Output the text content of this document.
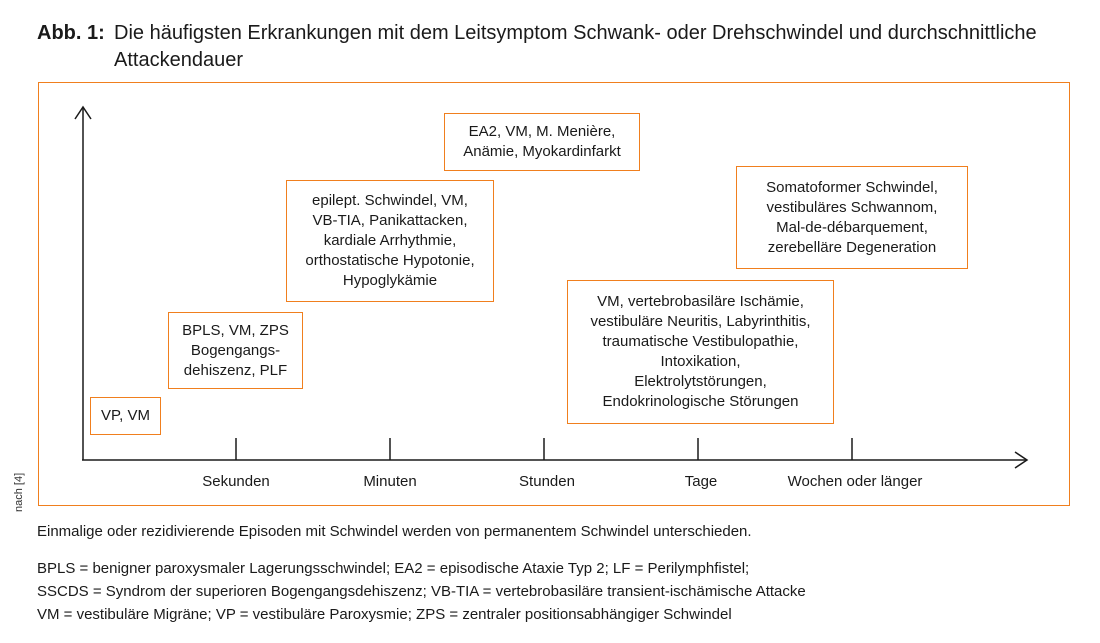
Abb. 1: Die häufigsten Erkrankungen mit dem Leitsymptom Schwank- oder Drehschwindel und durchschnittliche Attackendauer
Sekunden	Minuten	Stunden	Tage	Wochen oder länger
VP, VM
BPLS, VM, ZPS
Bogengangs-
dehiszenz, PLF
epilept. Schwindel, VM,
VB-TIA, Panikattacken,
kardiale Arrhythmie,
orthostatische Hypotonie,
Hypoglykämie
EA2, VM, M. Menière,
Anämie, Myokardinfarkt
VM, vertebrobasiläre Ischämie,
vestibuläre Neuritis, Labyrinthitis,
traumatische Vestibulopathie,
Intoxikation,
Elektrolytstörungen,
Endokrinologische Störungen
Somatoformer Schwindel,
vestibuläres Schwannom,
Mal-de-débarquement,
zerebelläre Degeneration
nach [4]
Einmalige oder rezidivierende Episoden mit Schwindel werden von permanentem Schwindel unterschieden.
BPLS = benigner paroxysmaler Lagerungsschwindel; EA2 = episodische Ataxie Typ 2; LF = Perilymphfistel;
SSCDS = Syndrom der superioren Bogengangsdehiszenz; VB-TIA = vertebrobasiläre transient-ischämische Attacke
VM = vestibuläre Migräne; VP = vestibuläre Paroxysmie; ZPS = zentraler positionsabhängiger Schwindel
